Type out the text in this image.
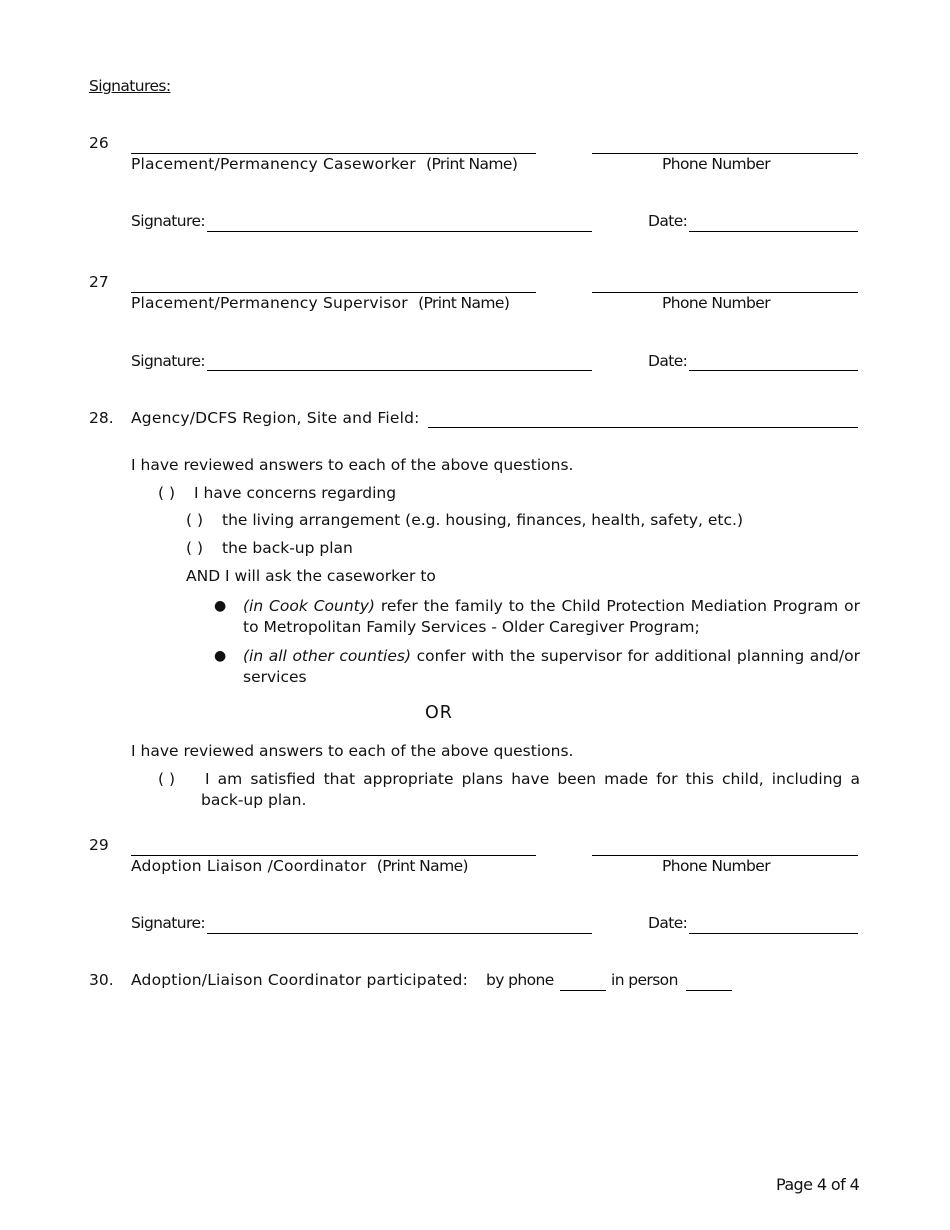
Signatures:
26
Placement/Permanency Caseworker (Print Name)	Phone Number
Signature:	Date:
27
Placement/Permanency Supervisor (Print Name)	Phone Number
Signature:	Date:
28. Agency/DCFS Region, Site and Field:
I have reviewed answers to each of the above questions.
( ) I have concerns regarding
( ) the living arrangement (e.g. housing, finances, health, safety, etc.)
( ) the back-up plan
AND I will ask the caseworker to
● (in Cook County) refer the family to the Child Protection Mediation Program or to Metropolitan Family Services - Older Caregiver Program;
● (in all other counties) confer with the supervisor for additional planning and/or services
OR
I have reviewed answers to each of the above questions.
( ) I am satisfied that appropriate plans have been made for this child, including a back-up plan.
29
Adoption Liaison /Coordinator (Print Name)	Phone Number
Signature:	Date:
30. Adoption/Liaison Coordinator participated: by phone	in person
Page 4 of 4
